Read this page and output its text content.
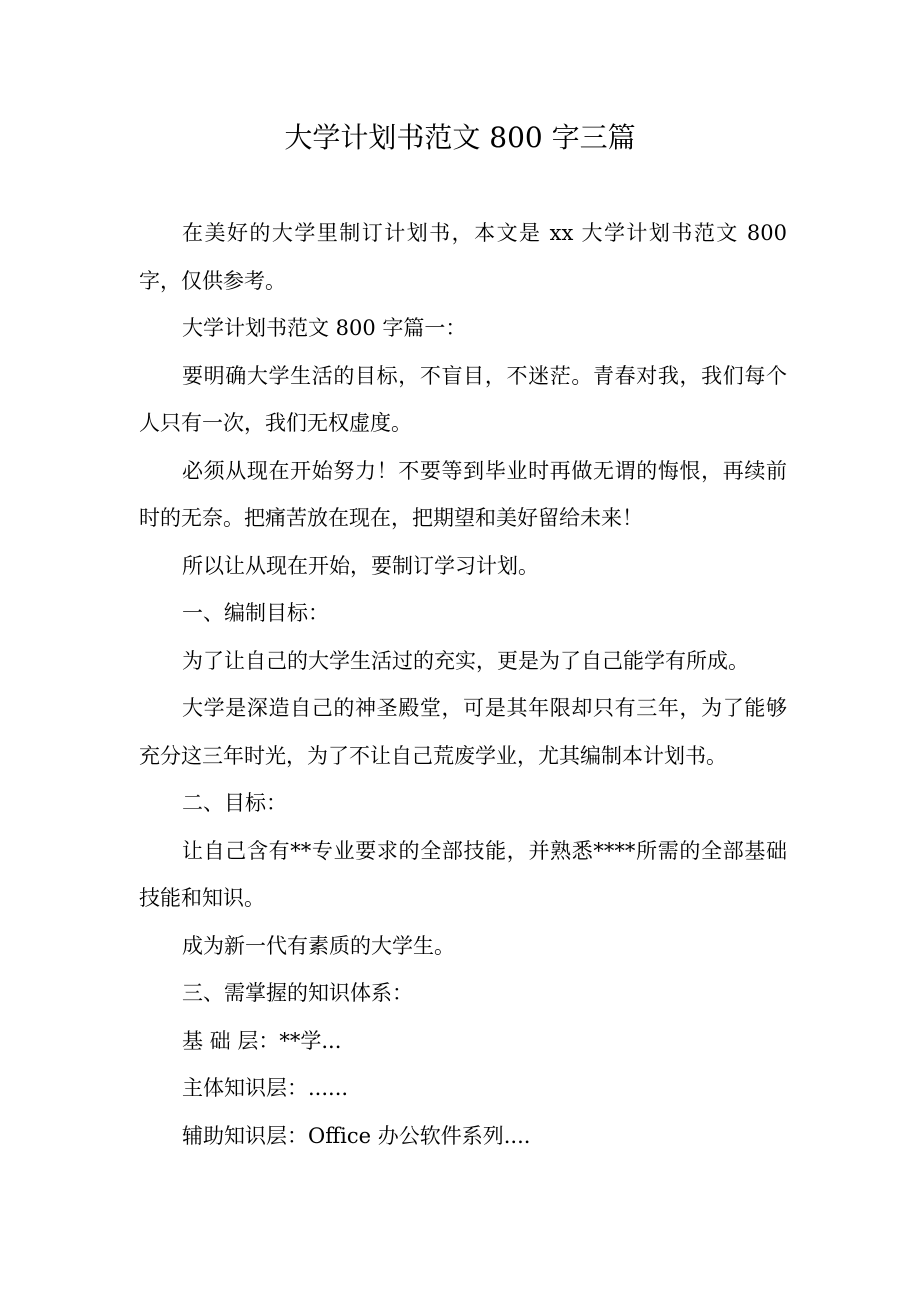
大学计划书范文 800 字三篇

在美好的大学里制订计划书，本文是 xx 大学计划书范文 800 字，仅供参考。

大学计划书范文 800 字篇一：

要明确大学生活的目标，不盲目，不迷茫。青春对我，我们每个人只有一次，我们无权虚度。

必须从现在开始努力！不要等到毕业时再做无谓的悔恨，再续前时的无奈。把痛苦放在现在，把期望和美好留给未来！

所以让从现在开始，要制订学习计划。

一、编制目标：

为了让自己的大学生活过的充实，更是为了自己能学有所成。

大学是深造自己的神圣殿堂，可是其年限却只有三年，为了能够充分这三年时光，为了不让自己荒废学业，尤其编制本计划书。

二、目标：

让自己含有**专业要求的全部技能，并熟悉****所需的全部基础技能和知识。

成为新一代有素质的大学生。

三、需掌握的知识体系：

基 础 层：**学...

主体知识层：......

辅助知识层：Office 办公软件系列....
